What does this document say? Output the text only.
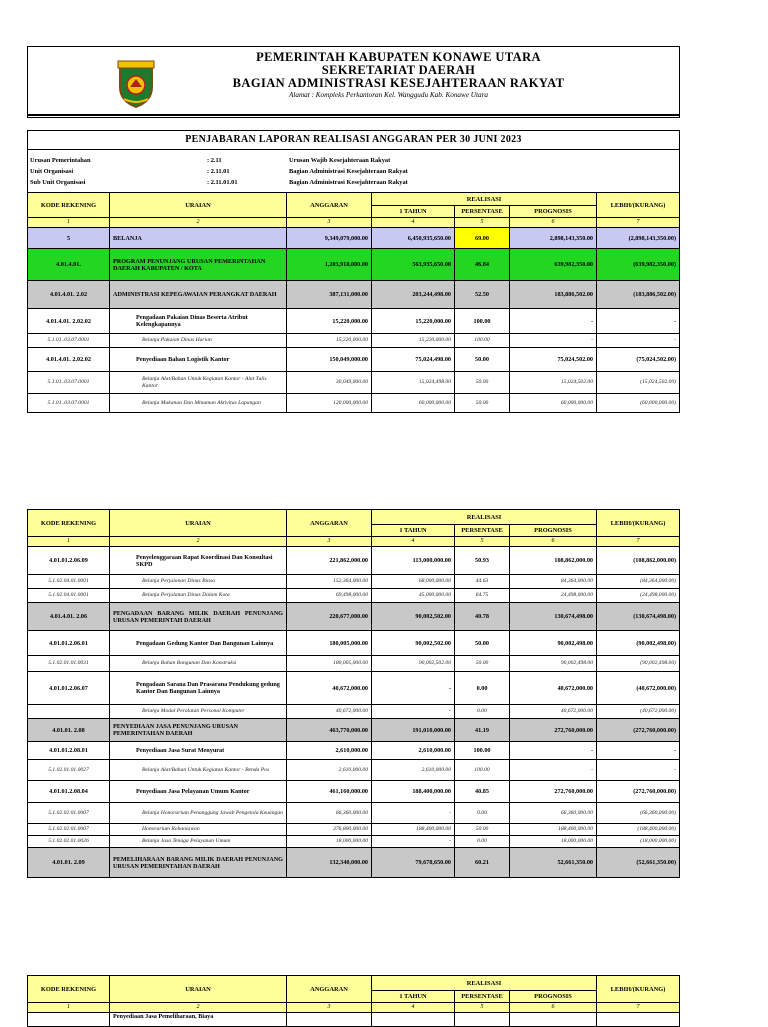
PEMERINTAH KABUPATEN KONAWE UTARA
SEKRETARIAT DAERAH
BAGIAN ADMINISTRASI KESEJAHTERAAN RAKYAT
Alamat : Kompleks Perkantoran Kel. Wanggudu Kab. Konawe Utara
PENJABARAN LAPORAN REALISASI ANGGARAN PER 30 JUNI 2023
Urusan Pemerintahan	: 2.11	Urusan Wajib Kesejahteraan Rakyat
Unit Organisasi	: 2.11.01	Bagian Administrasi Kesejahteraan Rakyat
Sub Unit Organisasi	: 2.11.01.01	Bagian Administrasi Kesejahteraan Rakyat
KODE REKENING	URAIAN	ANGGARAN	REALISASI			LEBIH/(KURANG)
			1 TAHUN	PERSENTASE	PROGNOSIS	
1	2	3	4	5	6	7
5	BELANJA	9,349,079,000.00	6,450,935,650.00	69.00	2,898,143,350.00	(2,898,143,350.00)
4.01.4.01.	PROGRAM PENUNJANG URUSAN PEMERINTAHAN DAERAH KABUPATEN / KOTA	1,203,918,000.00	563,935,650.00	46.84	639,982,350.00	(639,982,350.00)
4.01.4.01. 2.02	ADMINISTRASI KEPEGAWAIAN PERANGKAT DAERAH	387,131,000.00	203,244,498.00	52.50	183,886,502.00	(183,886,502.00)
4.01.4.01. 2.02.02	Pengadaan Pakaian Dinas Beserta Atribut Kelengkapannya	15,220,000.00	15,220,000.00	100.00	-	-
5.1.01..03.07.0001	Belanja Pakaian Dinas Harian	15,220,000.00	15,220,000.00	100.00	-	-
4.01.4.01. 2.02.02	Penyediaan Bahan Logistik Kantor	150,049,000.00	75,024,498.00	50.00	75,024,502.00	(75,024,502.00)
5.1.01..03.07.0001	Belanja Alat/Bahan Untuk Kegiatan Kantor - Alat Tulis Kantor	30,049,000.00	15,024,498.00	50.00	15,024,502.00	(15,024,502.00)
5.1.01..03.07.0001	Belanja Makanan Dan Minuman Aktivitas Lapangan	120,000,000.00	60,000,000.00	50.00	60,000,000.00	(60,000,000.00)
KODE REKENING	URAIAN	ANGGARAN	REALISASI			LEBIH/(KURANG)
			1 TAHUN	PERSENTASE	PROGNOSIS	
1	2	3	4	5	6	7
4.01.01.2.06.09	Penyelenggaraan Rapat Koordinasi Dan Konsultasi SKPD	221,862,000.00	113,000,000.00	50.93	108,862,000.00	(108,862,000.00)
5.1.02.04.01.0001	Belanja Perjalanan Dinas Biasa	152,364,000.00	68,000,000.00	44.63	84,364,000.00	(84,364,000.00)
5.1.02.04.01.0001	Belanja Perjalanan Dinas Dalam Kota	69,498,000.00	45,000,000.00	64.75	24,498,000.00	(24,498,000.00)
4.01.4.01. 2.06	PENGADAAN BARANG MILIK DAERAH PENUNJANG URUSAN PEMERINTAH DAERAH	220,677,000.00	90,002,502.00	40.78	130,674,498.00	(130,674,498.00)
4.01.01.2.06.01	Pengadaan Gedung Kantor Dan Bangunan Lainnya	180,005,000.00	90,002,502.00	50.00	90,002,498.00	(90,002,498.00)
5.1.02.01.01.0031	Belanja Bahan Bangunan Dan Konstruksi	180,005,000.00	90,002,502.00	50.00	90,002,498.00	(90,002,498.00)
4.01.01.2.06.07	Pengadaan Sarana Dan Prasarana Pendukung gedung Kantor Dan Bangunan Lainnya	40,672,000.00	-	0.00	40,672,000.00	(40,672,000.00)
	Belanja Modal Peralatan Personal Komputer	40,672,000.00	-	0.00	40,672,000.00	(40,672,000.00)
4.01.01. 2.08	PENYEDIAAN JASA PENUNJANG URUSAN PEMERINTAHAN DAERAH	463,770,000.00	191,010,000.00	41.19	272,760,000.00	(272,760,000.00)
4.01.01.2.08.01	Penyediaan Jasa Surat Menyurat	2,610,000.00	2,610,000.00	100.00	-	-
5.1.02.01.01.0027	Belanja Alat/Bahan Untuk Kegiatan Kantor - Benda Pos	2,610,000.00	2,610,000.00	100.00	-	-
4.01.01.2.08.04	Penyediaan Jasa Pelayanan Umum Kantor	461,160,000.00	188,400,000.00	40.85	272,760,000.00	(272,760,000.00)
5.1.02.02.01.0007	Belanja Honorarium Penanggung Jawab Pengelola Keuangan	66,360,000.00	-	0.00	66,360,000.00	(66,360,000.00)
5.1.02.02.01.0007	Honorarium Rohaniawan	376,800,000.00	188,400,000.00	50.00	188,400,000.00	(188,400,000.00)
5.1.02.02.01.0026	Belanja Jasa Tenaga Pelayanan Umum	18,000,000.00	-	0.00	18,000,000.00	(18,000,000.00)
4.01.01. 2.09	PEMELIHARAAN BARANG MILIK DAERAH PENUNJANG URUSAN PEMERINTAHAN DAERAH	132,340,000.00	79,678,650.00	60.21	52,661,350.00	(52,661,350.00)
KODE REKENING	URAIAN	ANGGARAN	REALISASI			LEBIH/(KURANG)
			1 TAHUN	PERSENTASE	PROGNOSIS	
1	2	3	4	5	6	7
	Penyediaan Jasa Pemeliharaan, Biaya					
